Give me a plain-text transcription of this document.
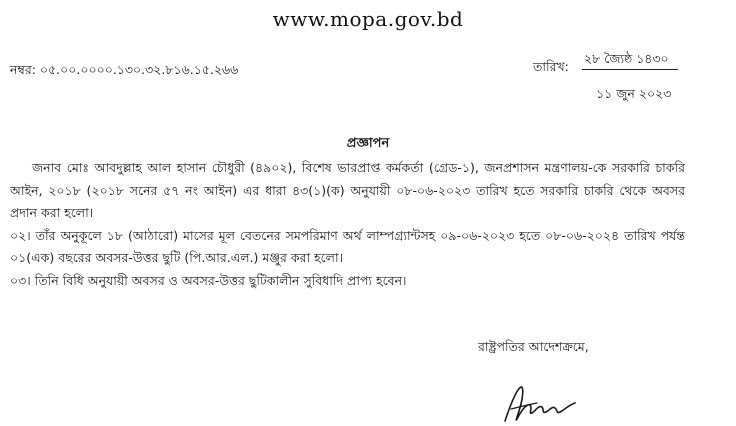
www.mopa.gov.bd
নম্বর: ০৫.০০.০০০০.১৩০.৩২.৮১৬.১৫.২৬৬	তারিখ:
২৮ জ্যৈষ্ঠ ১৪৩০
১১ জুন ২০২৩
প্রজ্ঞাপন

জনাব মোঃ আবদুল্লাহ আল হাসান চৌধুরী (৪৯০২), বিশেষ ভারপ্রাপ্ত কর্মকর্তা (গ্রেড-১), জনপ্রশাসন মন্ত্রণালয়-কে সরকারি চাকরি আইন, ২০১৮ (২০১৮ সনের ৫৭ নং আইন) এর ধারা ৪৩(১)(ক) অনুযায়ী ০৮-০৬-২০২৩ তারিখ হতে সরকারি চাকরি থেকে অবসর প্রদান করা হলো।

০২। তাঁর অনুকূলে ১৮ (আঠারো) মাসের মূল বেতনের সমপরিমাণ অর্থ লাম্পগ্র্যান্টসহ ০৯-০৬-২০২৩ হতে ০৮-০৬-২০২৪ তারিখ পর্যন্ত ০১(এক) বছরের অবসর-উত্তর ছুটি (পি.আর.এল.) মঞ্জুর করা হলো।

০৩। তিনি বিধি অনুযায়ী অবসর ও অবসর-উত্তর ছুটিকালীন সুবিধাদি প্রাপ্য হবেন।

রাষ্ট্রপতির আদেশক্রমে,
